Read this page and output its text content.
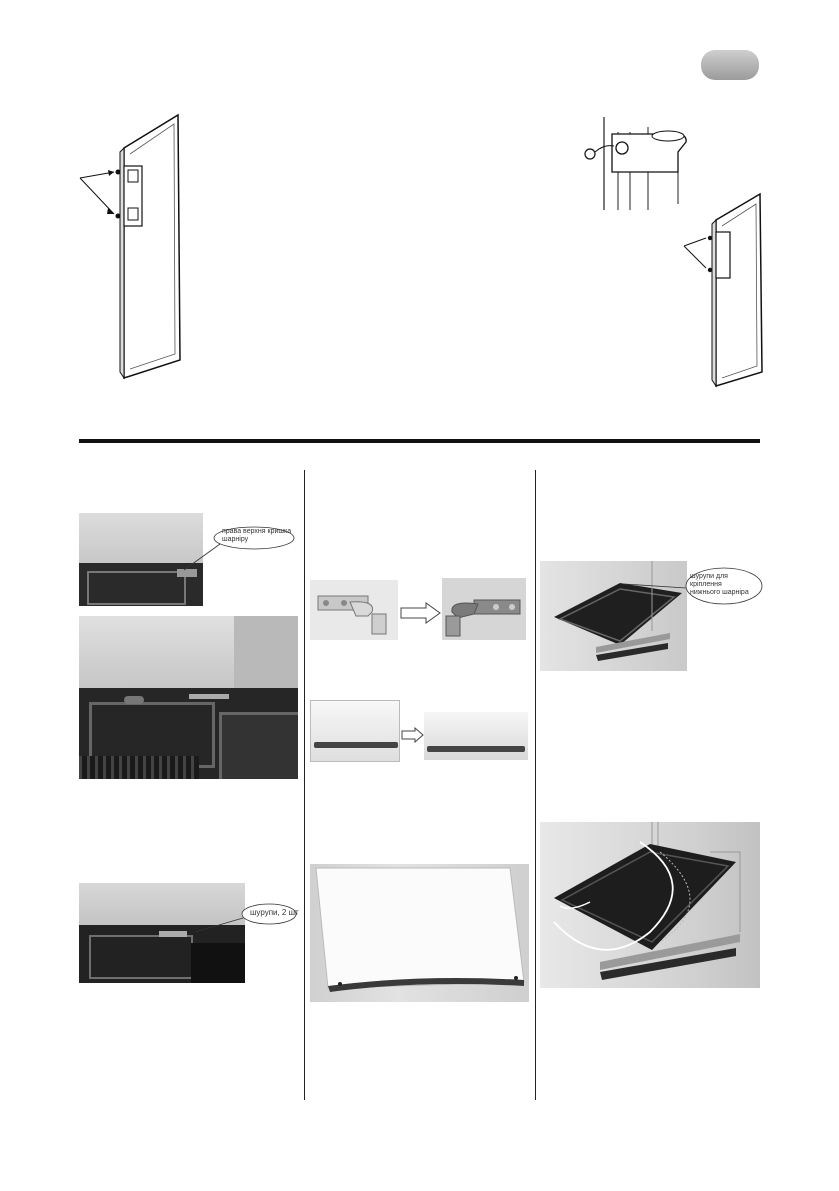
права верхня кришка шарніру
шурупи, 2 шт
шурупи для
кріплення
нижнього шарніра
